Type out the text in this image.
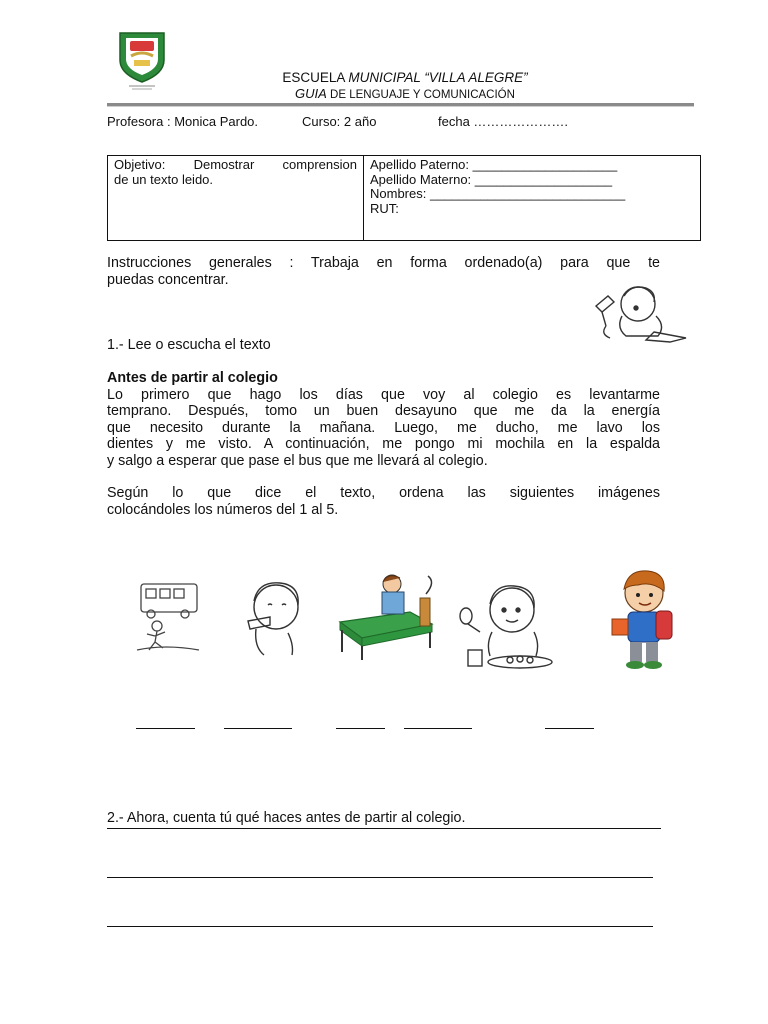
ESCUELA MUNICIPAL “VILLA ALEGRE”
GUIA DE LENGUAJE Y COMUNICACIÓN
Profesora : Monica Pardo.	Curso: 2 año	fecha ………………….
Objetivo: Demostrar comprension
de un texto leido.

Apellido Paterno: ____________________
Apellido Materno: ___________________
Nombres: ___________________________
RUT:
Instrucciones generales : Trabaja en forma ordenado(a) para que te
puedas concentrar.
1.- Lee o escucha el texto
Antes de partir al colegio
Lo primero que hago los días que voy al colegio es levantarme
temprano. Después, tomo un buen desayuno que me da la energía
que necesito durante la mañana. Luego, me ducho, me lavo los
dientes y me visto. A continuación, me pongo mi mochila en la espalda
y salgo a esperar que pase el bus que me llevará al colegio.
Según lo que dice el texto, ordena las siguientes imágenes
colocándoles los números del 1 al 5.
2.- Ahora, cuenta tú qué haces antes de partir al colegio.
